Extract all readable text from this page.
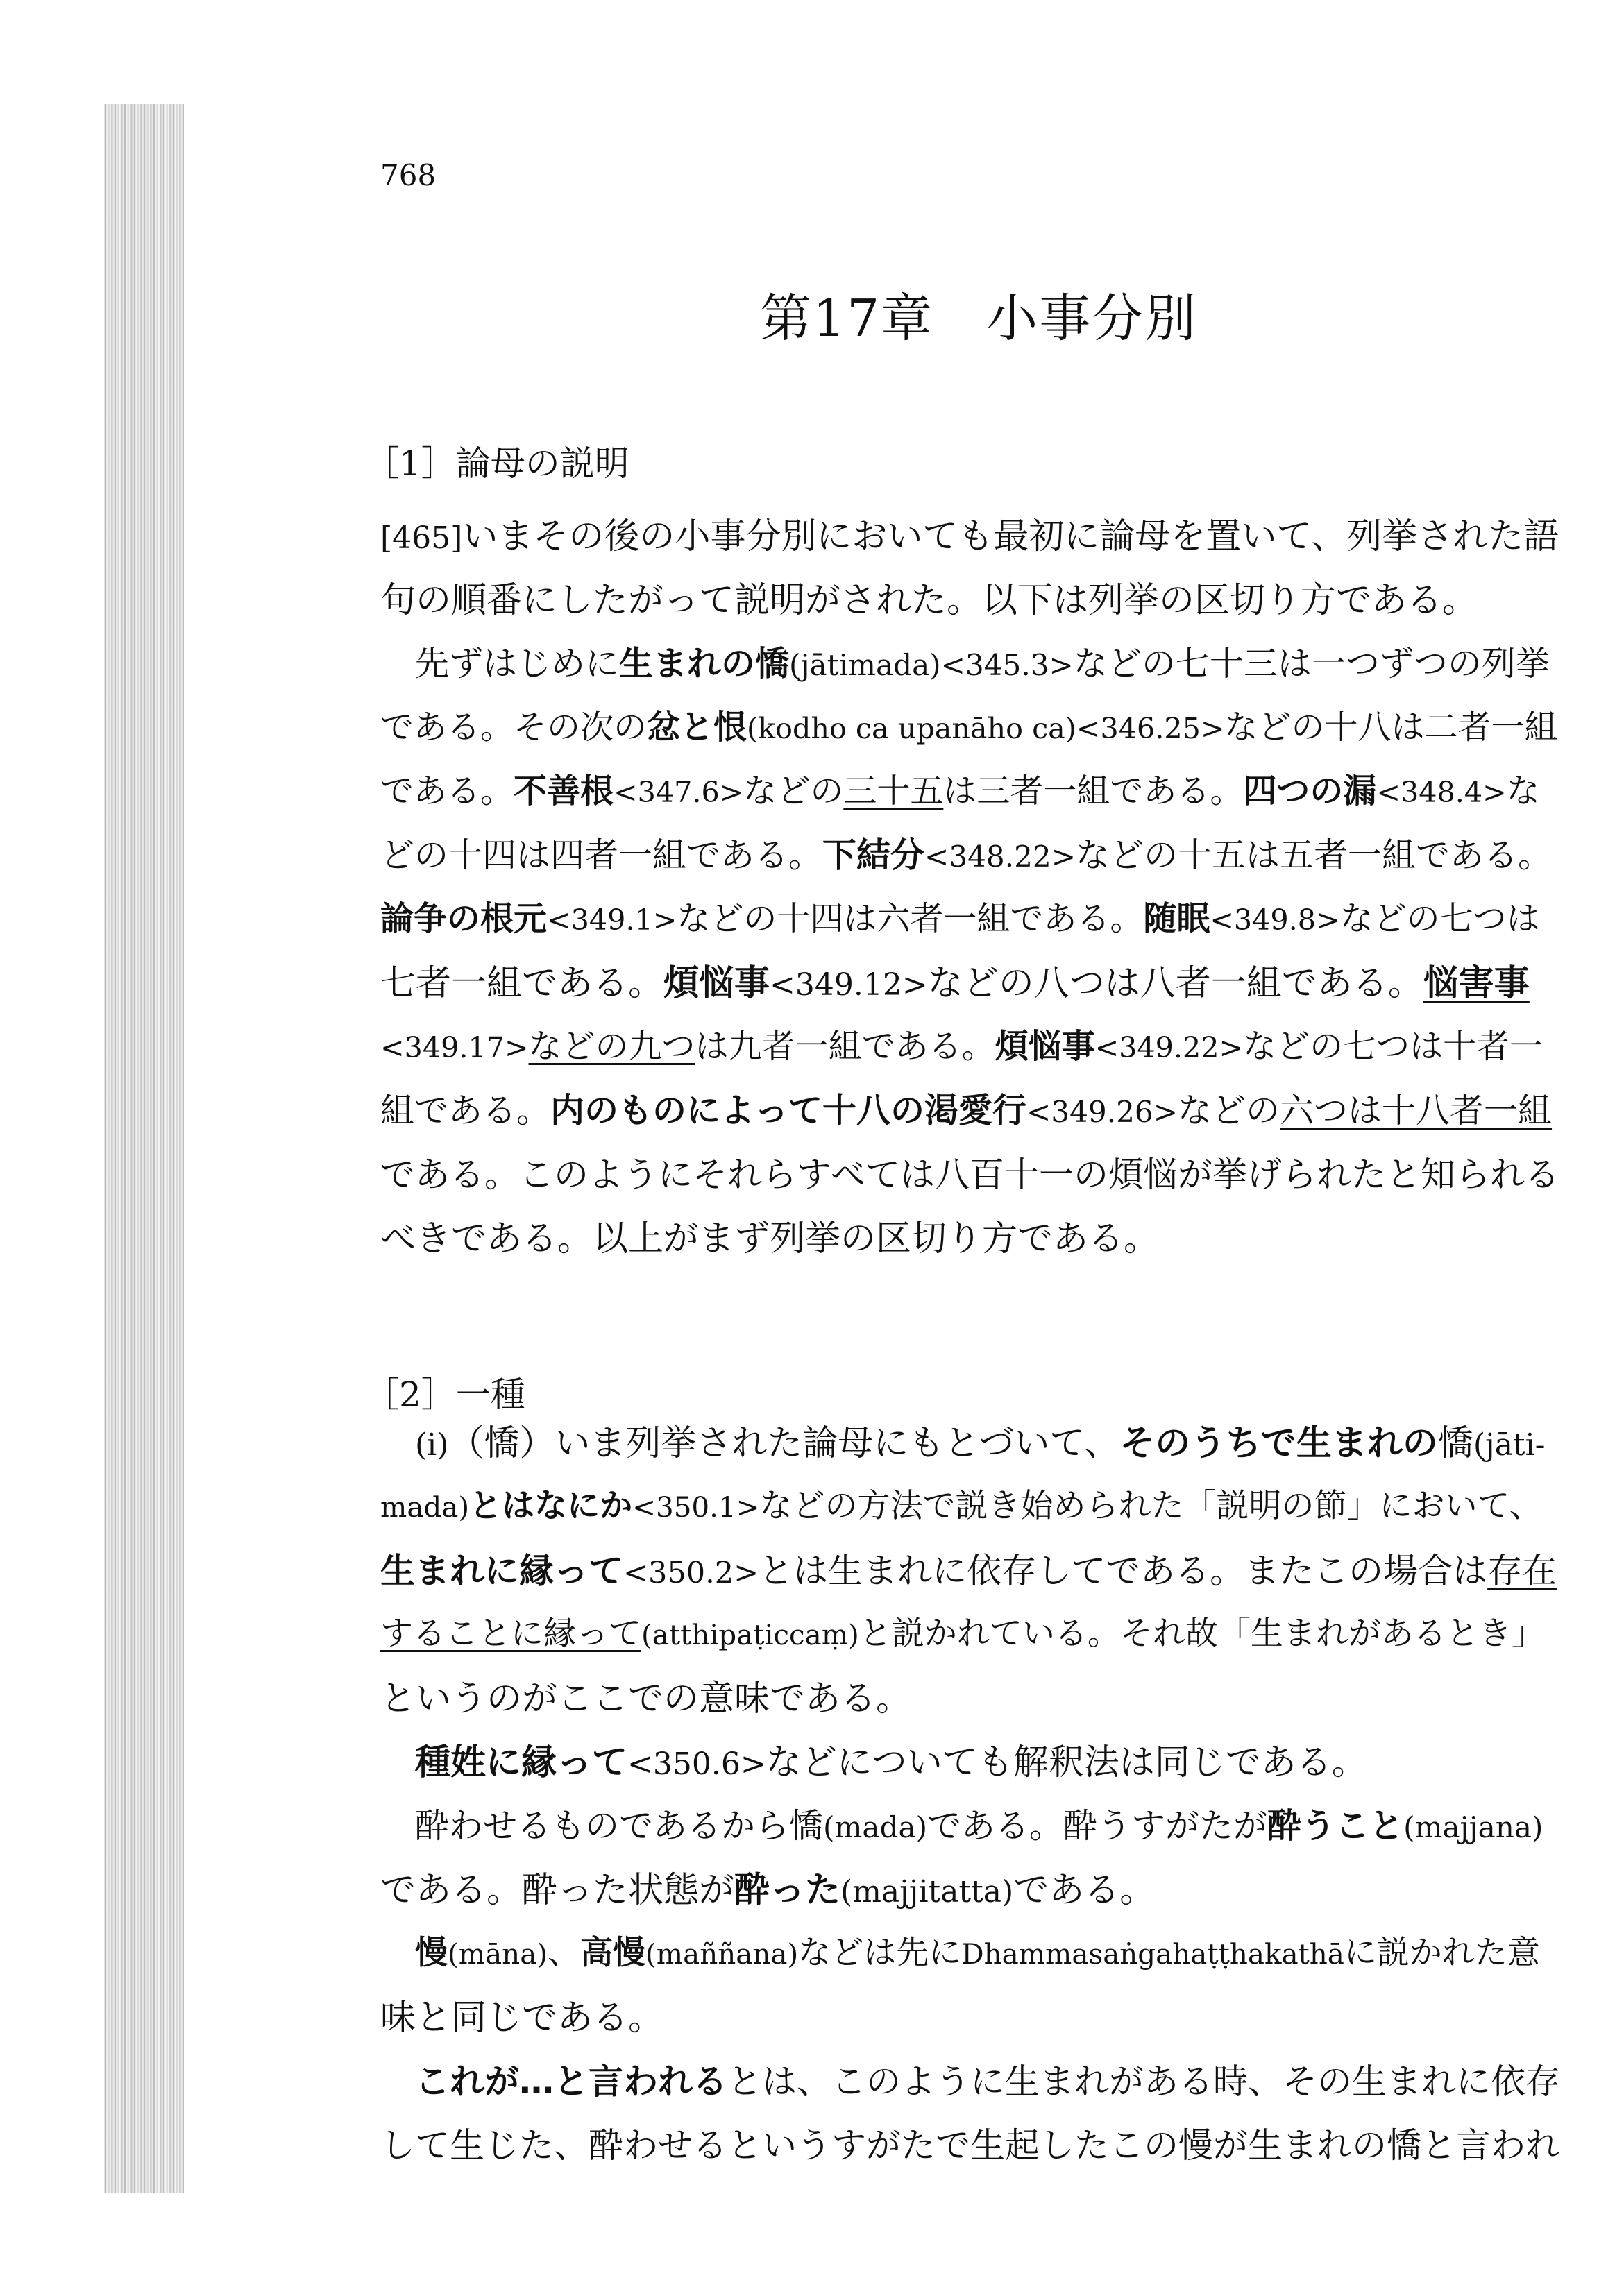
768
第17章　小事分別
［1］論母の説明
[465]いまその後の小事分別においても最初に論母を置いて、列挙された語
句の順番にしたがって説明がされた。以下は列挙の区切り方である。
先ずはじめに生まれの憍(jātimada)<345.3>などの七十三は一つずつの列挙
である。その次の忿と恨(kodho ca upanāho ca)<346.25>などの十八は二者一組
である。不善根<347.6>などの三十五は三者一組である。四つの漏<348.4>な
どの十四は四者一組である。下結分<348.22>などの十五は五者一組である。
論争の根元<349.1>などの十四は六者一組である。随眠<349.8>などの七つは
七者一組である。煩悩事<349.12>などの八つは八者一組である。悩害事
<349.17>などの九つは九者一組である。煩悩事<349.22>などの七つは十者一
組である。内のものによって十八の渇愛行<349.26>などの六つは十八者一組
である。このようにそれらすべては八百十一の煩悩が挙げられたと知られる
べきである。以上がまず列挙の区切り方である。
［2］一種
(i)（憍）いま列挙された論母にもとづいて、そのうちで生まれの憍(jāti-
mada)とはなにか<350.1>などの方法で説き始められた「説明の節」において、
生まれに縁って<350.2>とは生まれに依存してである。またこの場合は存在
することに縁って(atthipaṭiccaṃ)と説かれている。それ故「生まれがあるとき」
というのがここでの意味である。
種姓に縁って<350.6>などについても解釈法は同じである。
酔わせるものであるから憍(mada)である。酔うすがたが酔うこと(majjana)
である。酔った状態が酔った(majjitatta)である。
慢(māna)、高慢(maññana)などは先にDhammasaṅgahaṭṭhakathāに説かれた意
味と同じである。
これが…と言われるとは、このように生まれがある時、その生まれに依存
して生じた、酔わせるというすがたで生起したこの慢が生まれの憍と言われ
